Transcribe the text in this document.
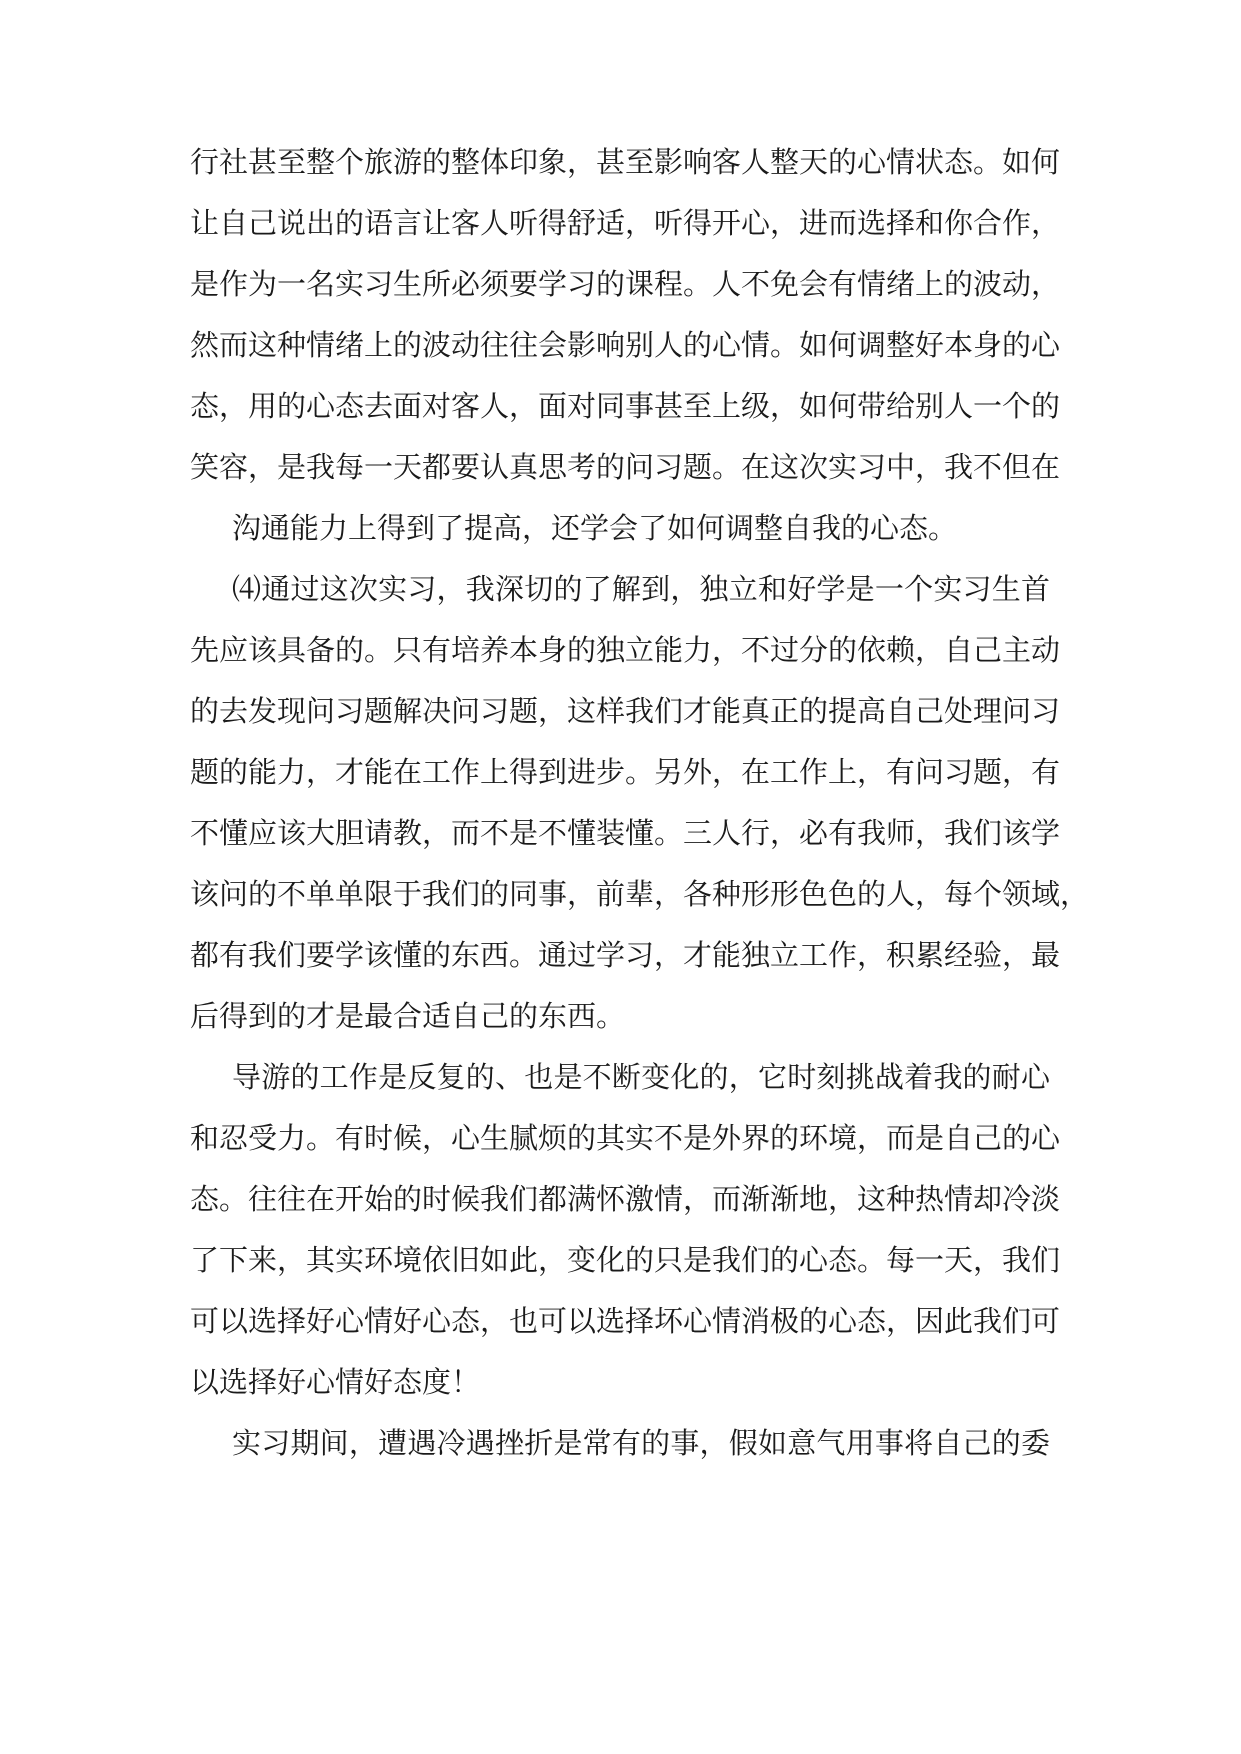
行社甚至整个旅游的整体印象，甚至影响客人整天的心情状态。如何
让自己说出的语言让客人听得舒适，听得开心，进而选择和你合作，
是作为一名实习生所必须要学习的课程。人不免会有情绪上的波动，
然而这种情绪上的波动往往会影响别人的心情。如何调整好本身的心
态，用的心态去面对客人，面对同事甚至上级，如何带给别人一个的
笑容，是我每一天都要认真思考的问习题。在这次实习中，我不但在
沟通能力上得到了提高，还学会了如何调整自我的心态。
⑷通过这次实习，我深切的了解到，独立和好学是一个实习生首
先应该具备的。只有培养本身的独立能力，不过分的依赖，自己主动
的去发现问习题解决问习题，这样我们才能真正的提高自己处理问习
题的能力，才能在工作上得到进步。另外，在工作上，有问习题，有
不懂应该大胆请教，而不是不懂装懂。三人行，必有我师，我们该学
该问的不单单限于我们的同事，前辈，各种形形色色的人，每个领域，
都有我们要学该懂的东西。通过学习，才能独立工作，积累经验，最
后得到的才是最合适自己的东西。
导游的工作是反复的、也是不断变化的，它时刻挑战着我的耐心
和忍受力。有时候，心生腻烦的其实不是外界的环境，而是自己的心
态。往往在开始的时候我们都满怀激情，而渐渐地，这种热情却冷淡
了下来，其实环境依旧如此，变化的只是我们的心态。每一天，我们
可以选择好心情好心态，也可以选择坏心情消极的心态，因此我们可
以选择好心情好态度！
实习期间，遭遇冷遇挫折是常有的事，假如意气用事将自己的委
